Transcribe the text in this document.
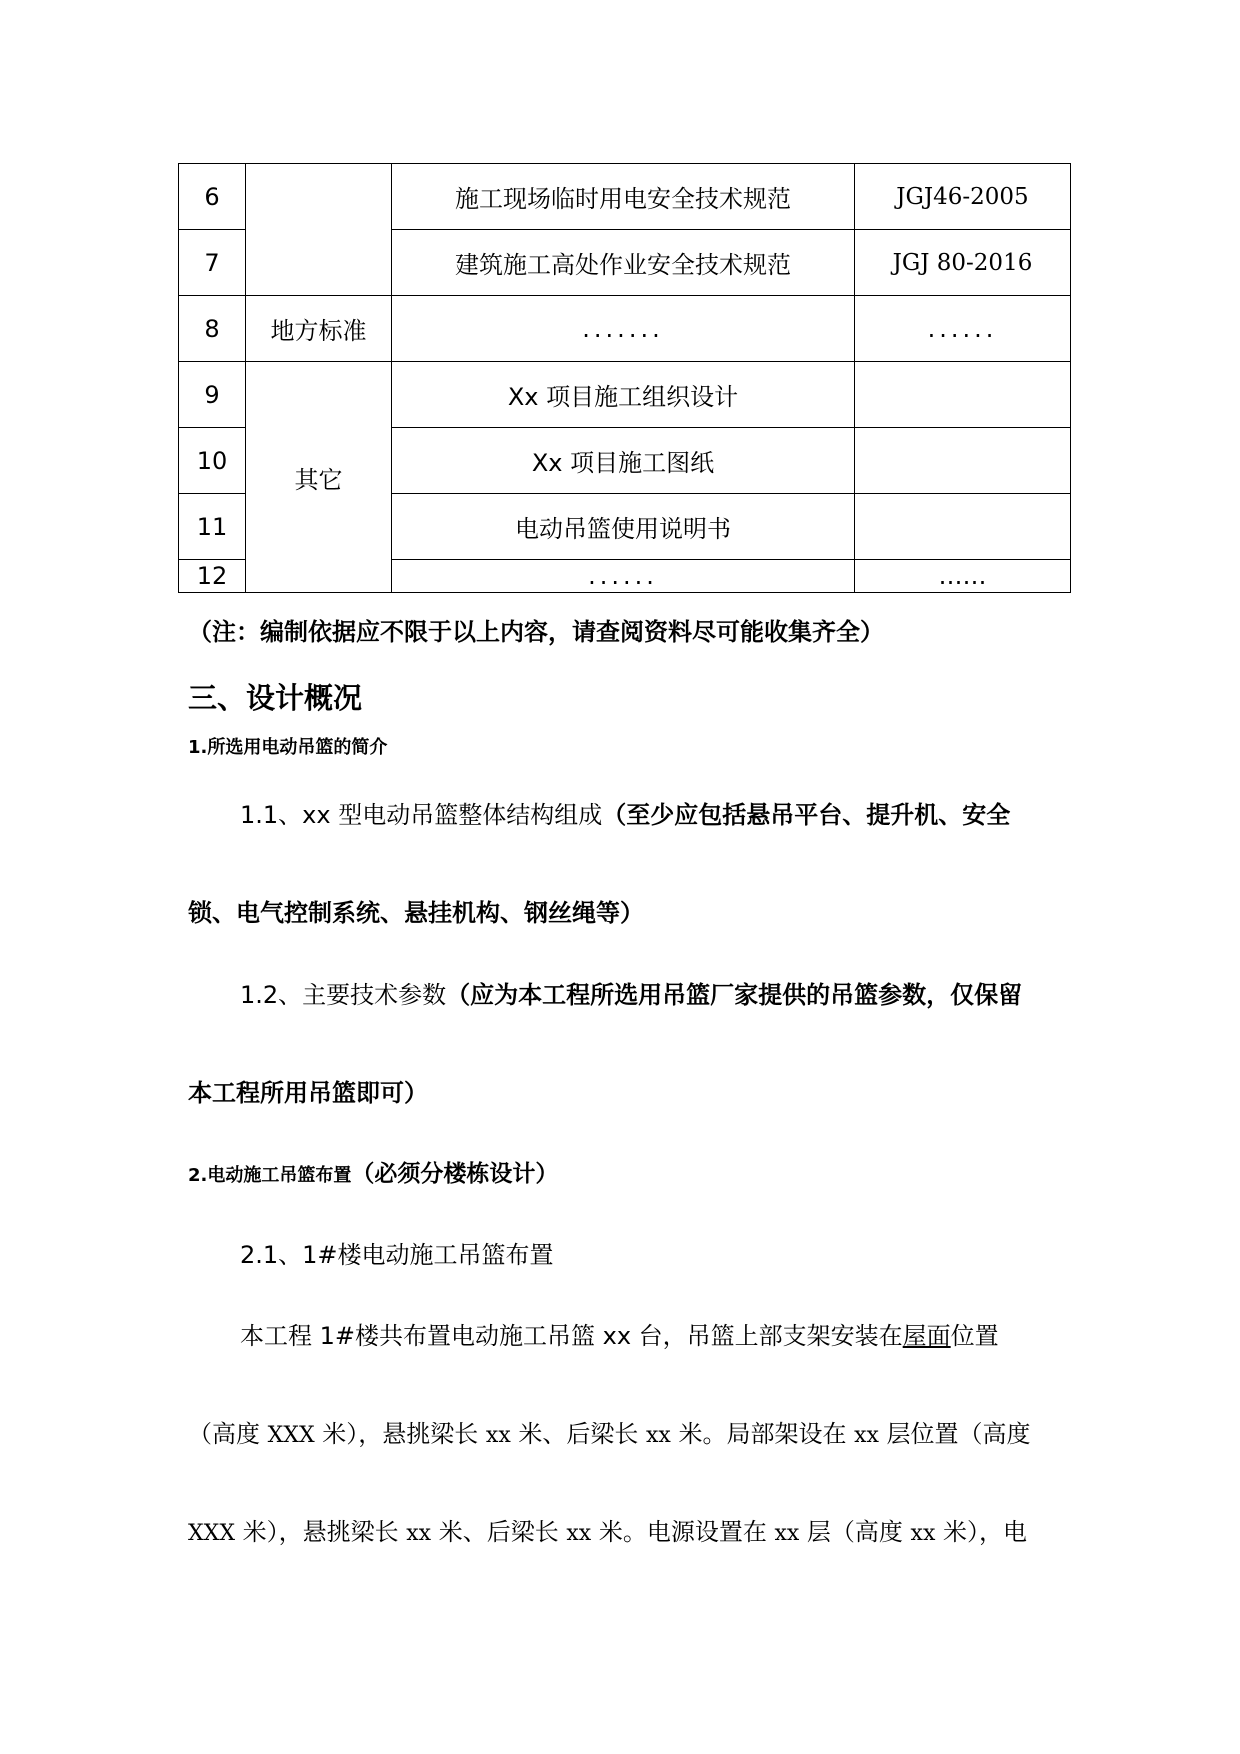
6		施工现场临时用电安全技术规范	JGJ46-2005
7		建筑施工高处作业安全技术规范	JGJ 80-2016
8	地方标准	.......	......
9	其它	Xx 项目施工组织设计	
10		Xx 项目施工图纸	
11		电动吊篮使用说明书	
12		......	……
（注：编制依据应不限于以上内容，请查阅资料尽可能收集齐全）
三、设计概况
1.所选用电动吊篮的简介
1.1、xx 型电动吊篮整体结构组成（至少应包括悬吊平台、提升机、安全
锁、电气控制系统、悬挂机构、钢丝绳等）
1.2、主要技术参数（应为本工程所选用吊篮厂家提供的吊篮参数，仅保留
本工程所用吊篮即可）
2.电动施工吊篮布置（必须分楼栋设计）
2.1、1#楼电动施工吊篮布置
本工程 1#楼共布置电动施工吊篮 xx 台，吊篮上部支架安装在屋面位置
（高度 XXX 米），悬挑梁长 xx 米、后梁长 xx 米。局部架设在 xx 层位置（高度
XXX 米），悬挑梁长 xx 米、后梁长 xx 米。电源设置在 xx 层（高度 xx 米），电
